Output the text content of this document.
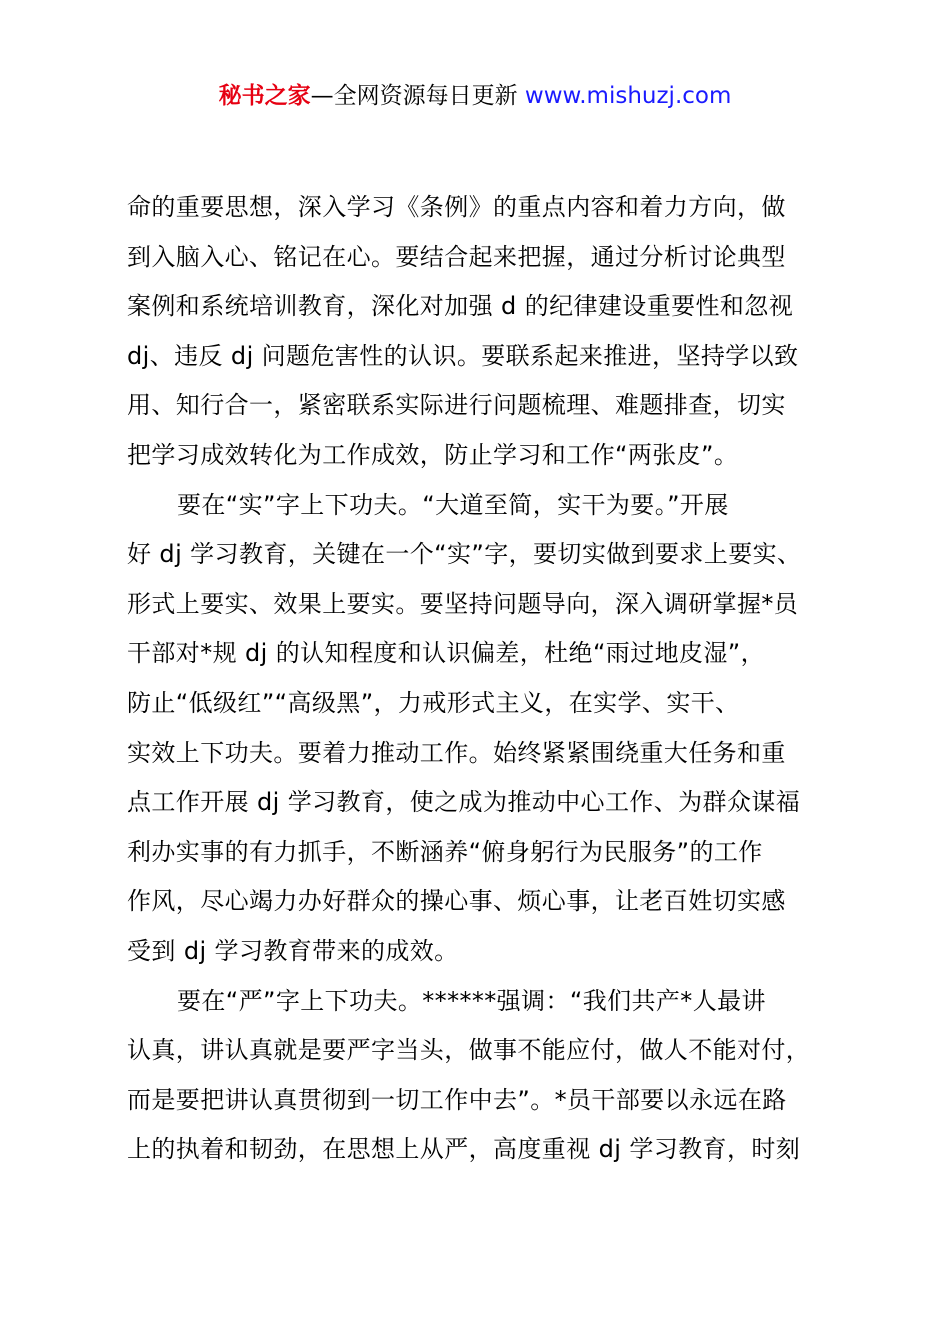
秘书之家—全网资源每日更新 www.mishuzj.com

命的重要思想，深入学习《条例》的重点内容和着力方向，做
到入脑入心、铭记在心。要结合起来把握，通过分析讨论典型
案例和系统培训教育，深化对加强 d 的纪律建设重要性和忽视
dj、违反 dj 问题危害性的认识。要联系起来推进，坚持学以致
用、知行合一，紧密联系实际进行问题梳理、难题排查，切实
把学习成效转化为工作成效，防止学习和工作“两张皮”。

要在“实”字上下功夫。“大道至简，实干为要。”开展
好 dj 学习教育，关键在一个“实”字，要切实做到要求上要实、
形式上要实、效果上要实。要坚持问题导向，深入调研掌握*员
干部对*规 dj 的认知程度和认识偏差，杜绝“雨过地皮湿”，
防止“低级红”“高级黑”，力戒形式主义，在实学、实干、
实效上下功夫。要着力推动工作。始终紧紧围绕重大任务和重
点工作开展 dj 学习教育，使之成为推动中心工作、为群众谋福
利办实事的有力抓手，不断涵养“俯身躬行为民服务”的工作
作风，尽心竭力办好群众的操心事、烦心事，让老百姓切实感
受到 dj 学习教育带来的成效。

要在“严”字上下功夫。******强调：“我们共产*人最讲
认真，讲认真就是要严字当头，做事不能应付，做人不能对付，
而是要把讲认真贯彻到一切工作中去”。*员干部要以永远在路
上的执着和韧劲，在思想上从严，高度重视 dj 学习教育，时刻
